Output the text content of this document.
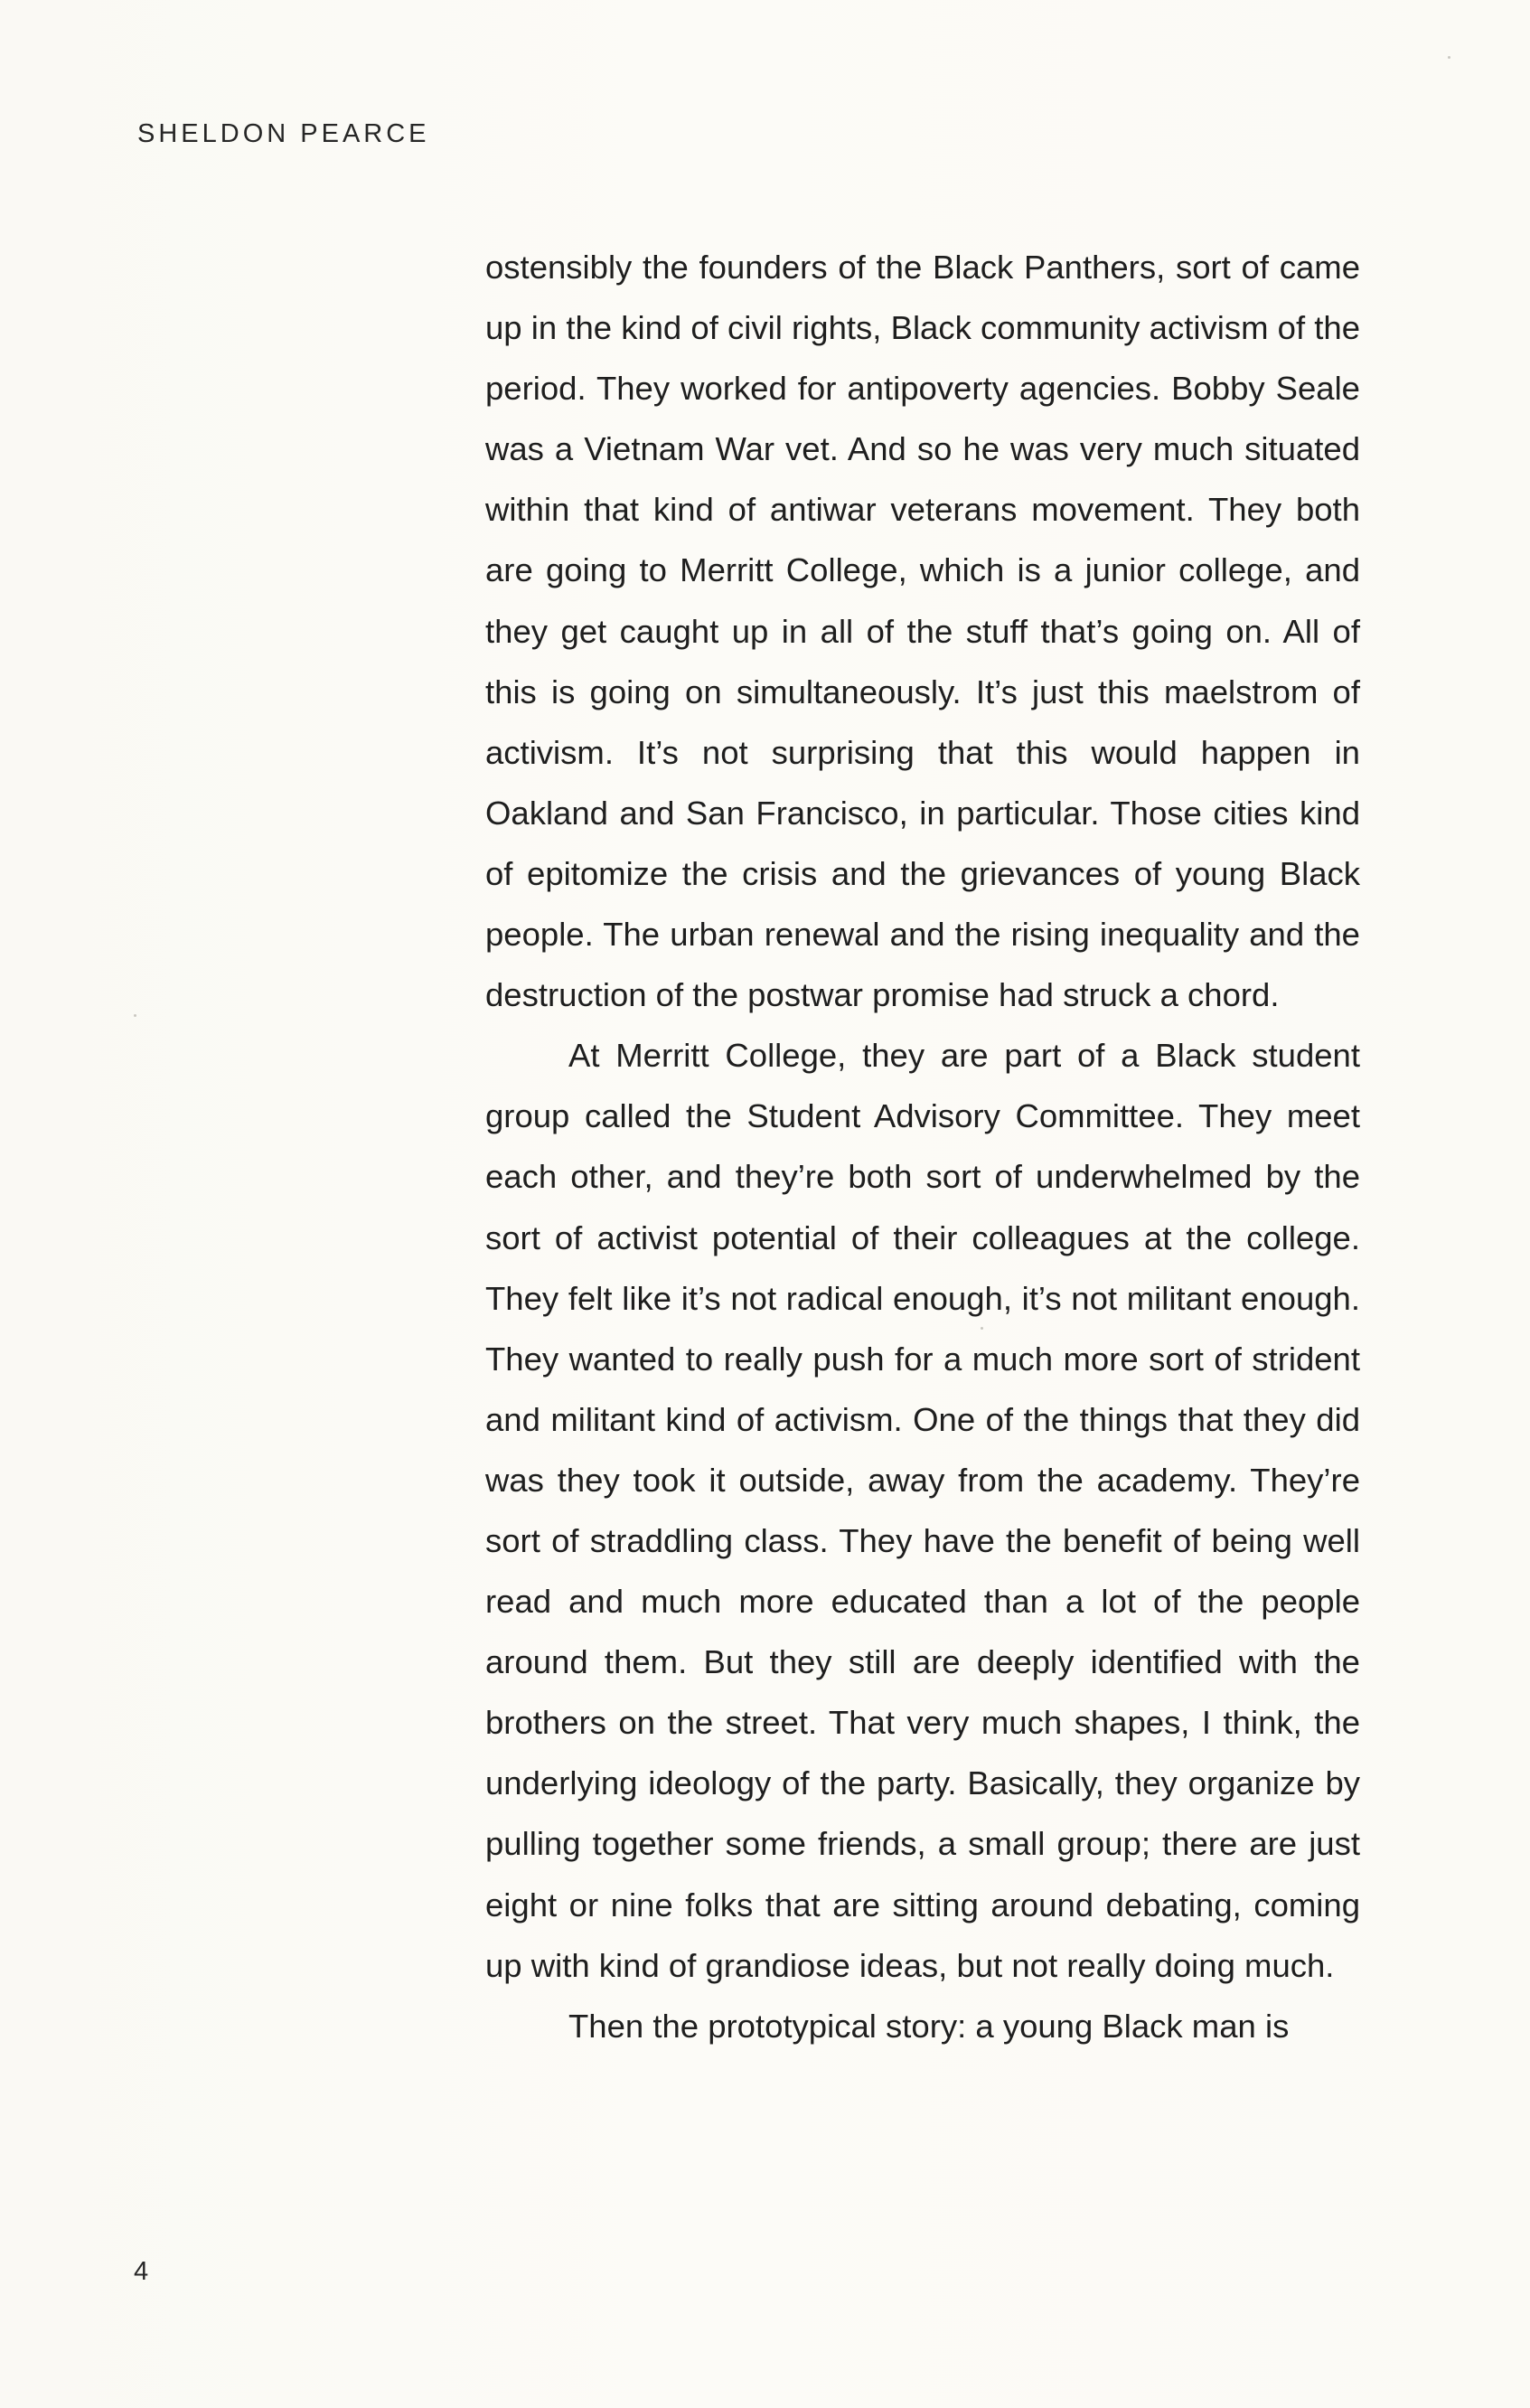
SHELDON PEARCE

ostensibly the founders of the Black Panthers, sort of came up in the kind of civil rights, Black community activism of the period. They worked for antipoverty agencies. Bobby Seale was a Vietnam War vet. And so he was very much situated within that kind of antiwar veterans movement. They both are going to Merritt College, which is a junior college, and they get caught up in all of the stuff that’s going on. All of this is going on simultaneously. It’s just this maelstrom of activism. It’s not surprising that this would happen in Oakland and San Francisco, in particular. Those cities kind of epitomize the crisis and the grievances of young Black people. The urban renewal and the rising inequality and the destruction of the postwar promise had struck a chord.

At Merritt College, they are part of a Black student group called the Student Advisory Committee. They meet each other, and they’re both sort of underwhelmed by the sort of activist potential of their colleagues at the college. They felt like it’s not radical enough, it’s not militant enough. They wanted to really push for a much more sort of strident and militant kind of activism. One of the things that they did was they took it outside, away from the academy. They’re sort of straddling class. They have the benefit of being well read and much more educated than a lot of the people around them. But they still are deeply identified with the brothers on the street. That very much shapes, I think, the underlying ideology of the party. Basically, they organize by pulling together some friends, a small group; there are just eight or nine folks that are sitting around debating, coming up with kind of grandiose ideas, but not really doing much.

Then the prototypical story: a young Black man is

4
